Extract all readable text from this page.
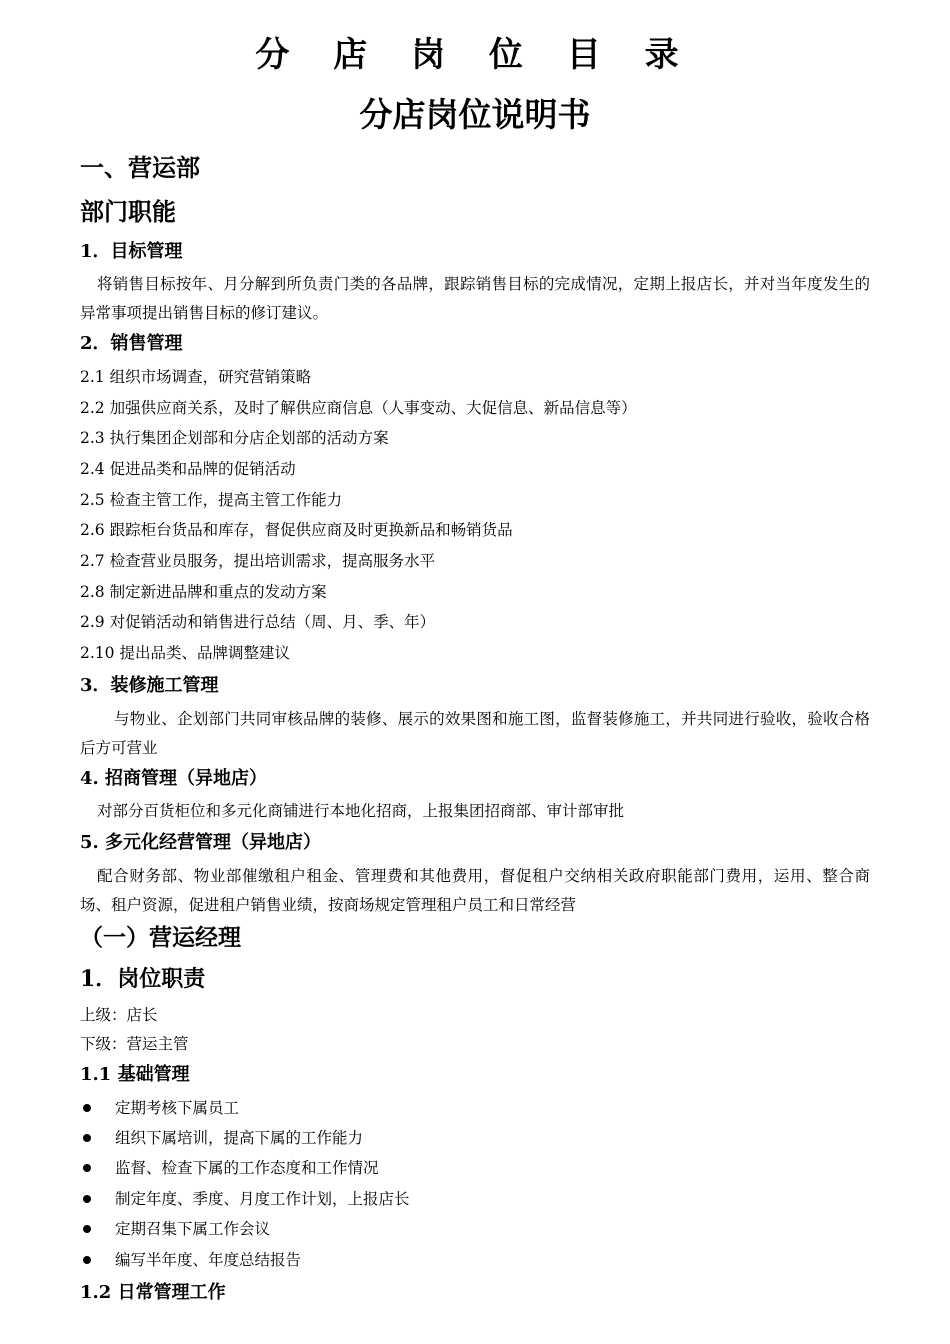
分 店 岗 位 目 录
分店岗位说明书
一、营运部
部门职能
1．目标管理
将销售目标按年、月分解到所负责门类的各品牌，跟踪销售目标的完成情况，定期上报店长，并对当年度发生的异常事项提出销售目标的修订建议。
2．销售管理
2.1 组织市场调查，研究营销策略
2.2 加强供应商关系，及时了解供应商信息（人事变动、大促信息、新品信息等）
2.3 执行集团企划部和分店企划部的活动方案
2.4 促进品类和品牌的促销活动
2.5 检查主管工作，提高主管工作能力
2.6 跟踪柜台货品和库存，督促供应商及时更换新品和畅销货品
2.7 检查营业员服务，提出培训需求，提高服务水平
2.8 制定新进品牌和重点的发动方案
2.9 对促销活动和销售进行总结（周、月、季、年）
2.10 提出品类、品牌调整建议
3．装修施工管理
与物业、企划部门共同审核品牌的装修、展示的效果图和施工图，监督装修施工，并共同进行验收，验收合格后方可营业
4. 招商管理（异地店）
对部分百货柜位和多元化商铺进行本地化招商，上报集团招商部、审计部审批
5. 多元化经营管理（异地店）
配合财务部、物业部催缴租户租金、管理费和其他费用，督促租户交纳相关政府职能部门费用，运用、整合商场、租户资源，促进租户销售业绩，按商场规定管理租户员工和日常经营
（一）营运经理
1．岗位职责
上级：店长
下级：营运主管
1.1 基础管理
定期考核下属员工
组织下属培训，提高下属的工作能力
监督、检查下属的工作态度和工作情况
制定年度、季度、月度工作计划，上报店长
定期召集下属工作会议
编写半年度、年度总结报告
1.2 日常管理工作
